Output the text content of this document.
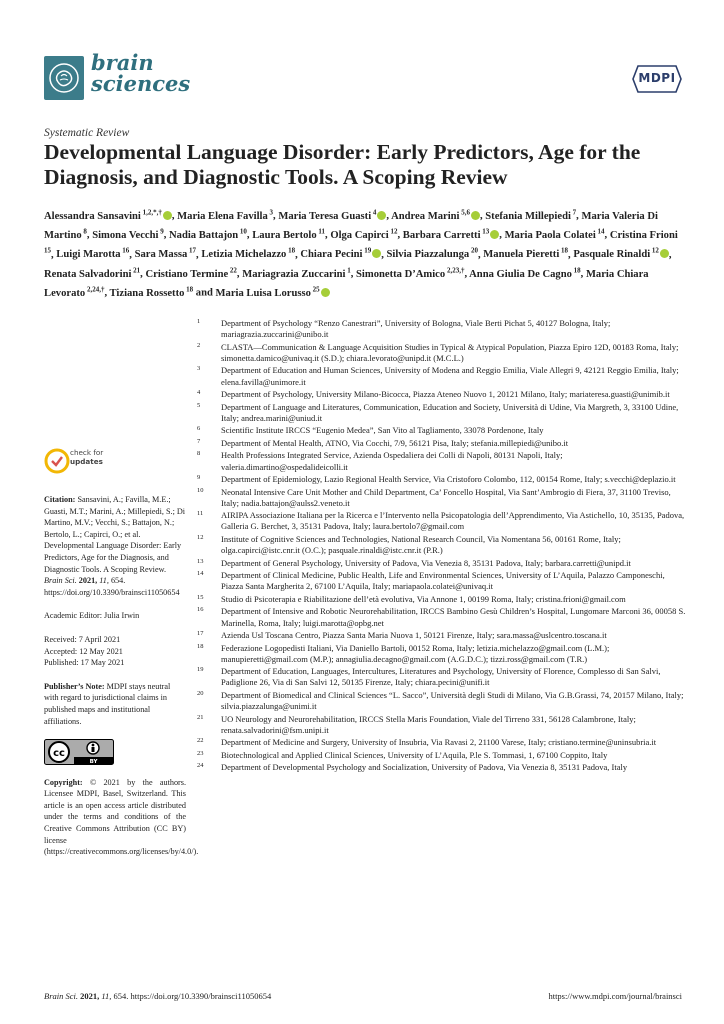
brain
sciences	MDPI
Systematic Review
Developmental Language Disorder: Early Predictors, Age for the Diagnosis, and Diagnostic Tools. A Scoping Review
Alessandra Sansavini $^{1,2,*,\dagger}$ , Maria Elena Favilla $^3$, Maria Teresa Guasti $^4$ , Andrea Marini $^{5,6}$ , Stefania Millepiedi $^7$, Maria Valeria Di Martino $^8$, Simona Vecchi $^9$, Nadia Battajon $^{10}$, Laura Bertolo $^{11}$, Olga Capirci $^{12}$, Barbara Carretti $^{13}$ , Maria Paola Colatei $^{14}$, Cristina Frioni $^{15}$, Luigi Marotta $^{16}$, Sara Massa $^{17}$, Letizia Michelazzo $^{18}$, Chiara Pecini $^{19}$ , Silvia Piazzalunga $^{20}$, Manuela Pieretti $^{18}$, Pasquale Rinaldi $^{12}$ , Renata Salvadorini $^{21}$, Cristiano Termine $^{22}$, Mariagrazia Zuccarini $^1$, Simonetta D’Amico $^{2,23,\dagger}$, Anna Giulia De Cagno $^{18}$, Maria Chiara Levorato $^{2,24,\dagger}$, Tiziana Rossetto $^{18}$ and Maria Luisa Lorusso $^{25}$
1 Department of Psychology “Renzo Canestrari”, University of Bologna, Viale Berti Pichat 5, 40127 Bologna, Italy; mariagrazia.zuccarini@unibo.it
2 CLASTA—Communication & Language Acquisition Studies in Typical & Atypical Population, Piazza Epiro 12D, 00183 Roma, Italy; simonetta.damico@univaq.it (S.D.); chiara.levorato@unipd.it (M.C.L.)
3 Department of Education and Human Sciences, University of Modena and Reggio Emilia, Viale Allegri 9, 42121 Reggio Emilia, Italy; elena.favilla@unimore.it
4 Department of Psychology, University Milano-Bicocca, Piazza Ateneo Nuovo 1, 20121 Milano, Italy; mariateresa.guasti@unimib.it
5 Department of Language and Literatures, Communication, Education and Society, Università di Udine, Via Margreth, 3, 33100 Udine, Italy; andrea.marini@uniud.it
6 Scientific Institute IRCCS “Eugenio Medea”, San Vito al Tagliamento, 33078 Pordenone, Italy
7 Department of Mental Health, ATNO, Via Cocchi, 7/9, 56121 Pisa, Italy; stefania.millepiedi@unibo.it
8 Health Professions Integrated Service, Azienda Ospedaliera dei Colli di Napoli, 80131 Napoli, Italy; valeria.dimartino@ospedalideicolli.it
9 Department of Epidemiology, Lazio Regional Health Service, Via Cristoforo Colombo, 112, 00154 Rome, Italy; s.vecchi@deplazio.it
10 Neonatal Intensive Care Unit Mother and Child Department, Ca’ Foncello Hospital, Via Sant’Ambrogio di Fiera, 37, 31100 Treviso, Italy; nadia.battajon@aulss2.veneto.it
11 AIRIPA Associazione Italiana per la Ricerca e l’Intervento nella Psicopatologia dell’Apprendimento, Via Astichello, 10, 35135, Padova, Galleria G. Berchet, 3, 35131 Padova, Italy; laura.bertolo7@gmail.com
12 Institute of Cognitive Sciences and Technologies, National Research Council, Via Nomentana 56, 00161 Rome, Italy; olga.capirci@istc.cnr.it (O.C.); pasquale.rinaldi@istc.cnr.it (P.R.)
13 Department of General Psychology, University of Padova, Via Venezia 8, 35131 Padova, Italy; barbara.carretti@unipd.it
14 Department of Clinical Medicine, Public Health, Life and Environmental Sciences, University of L’Aquila, Palazzo Camponeschi, Piazza Santa Margherita 2, 67100 L’Aquila, Italy; mariapaola.colatei@univaq.it
15 Studio di Psicoterapia e Riabilitazione dell’età evolutiva, Via Annone 1, 00199 Roma, Italy; cristina.frioni@gmail.com
16 Department of Intensive and Robotic Neurorehabilitation, IRCCS Bambino Gesù Children’s Hospital, Lungomare Marconi 36, 00058 S. Marinella, Roma, Italy; luigi.marotta@opbg.net
17 Azienda Usl Toscana Centro, Piazza Santa Maria Nuova 1, 50121 Firenze, Italy; sara.massa@uslcentro.toscana.it
18 Federazione Logopedisti Italiani, Via Daniello Bartoli, 00152 Roma, Italy; letizia.michelazzo@gmail.com (L.M.); manupieretti@gmail.com (M.P.); annagiulia.decagno@gmail.com (A.G.D.C.); tizzi.ross@gmail.com (T.R.)
19 Department of Education, Languages, Intercultures, Literatures and Psychology, University of Florence, Complesso di San Salvi, Padiglione 26, Via di San Salvi 12, 50135 Firenze, Italy; chiara.pecini@unifi.it
20 Department of Biomedical and Clinical Sciences “L. Sacco”, Università degli Studi di Milano, Via G.B.Grassi, 74, 20157 Milano, Italy; silvia.piazzalunga@unimi.it
21 UO Neurology and Neurorehabilitation, IRCCS Stella Maris Foundation, Viale del Tirreno 331, 56128 Calambrone, Italy; renata.salvadorini@fsm.unipi.it
22 Department of Medicine and Surgery, University of Insubria, Via Ravasi 2, 21100 Varese, Italy; cristiano.termine@uninsubria.it
23 Biotechnological and Applied Clinical Sciences, University of L’Aquila, P.le S. Tommasi, 1, 67100 Coppito, Italy
24 Department of Developmental Psychology and Socialization, University of Padova, Via Venezia 8, 35131 Padova, Italy
check for
updates
Citation: Sansavini, A.; Favilla, M.E.; Guasti, M.T.; Marini, A.; Millepiedi, S.; Di Martino, M.V.; Vecchi, S.; Battajon, N.; Bertolo, L.; Capirci, O.; et al. Developmental Language Disorder: Early Predictors, Age for the Diagnosis, and Diagnostic Tools. A Scoping Review. Brain Sci. 2021, 11, 654. https://doi.org/10.3390/brainsci11050654
Academic Editor: Julia Irwin
Received: 7 April 2021
Accepted: 12 May 2021
Published: 17 May 2021
Publisher’s Note: MDPI stays neutral with regard to jurisdictional claims in published maps and institutional affiliations.
cc
BY
Copyright: © 2021 by the authors. Licensee MDPI, Basel, Switzerland. This article is an open access article distributed under the terms and conditions of the Creative Commons Attribution (CC BY) license (https://creativecommons.org/licenses/by/4.0/).
Brain Sci. 2021, 11, 654. https://doi.org/10.3390/brainsci11050654	https://www.mdpi.com/journal/brainsci
